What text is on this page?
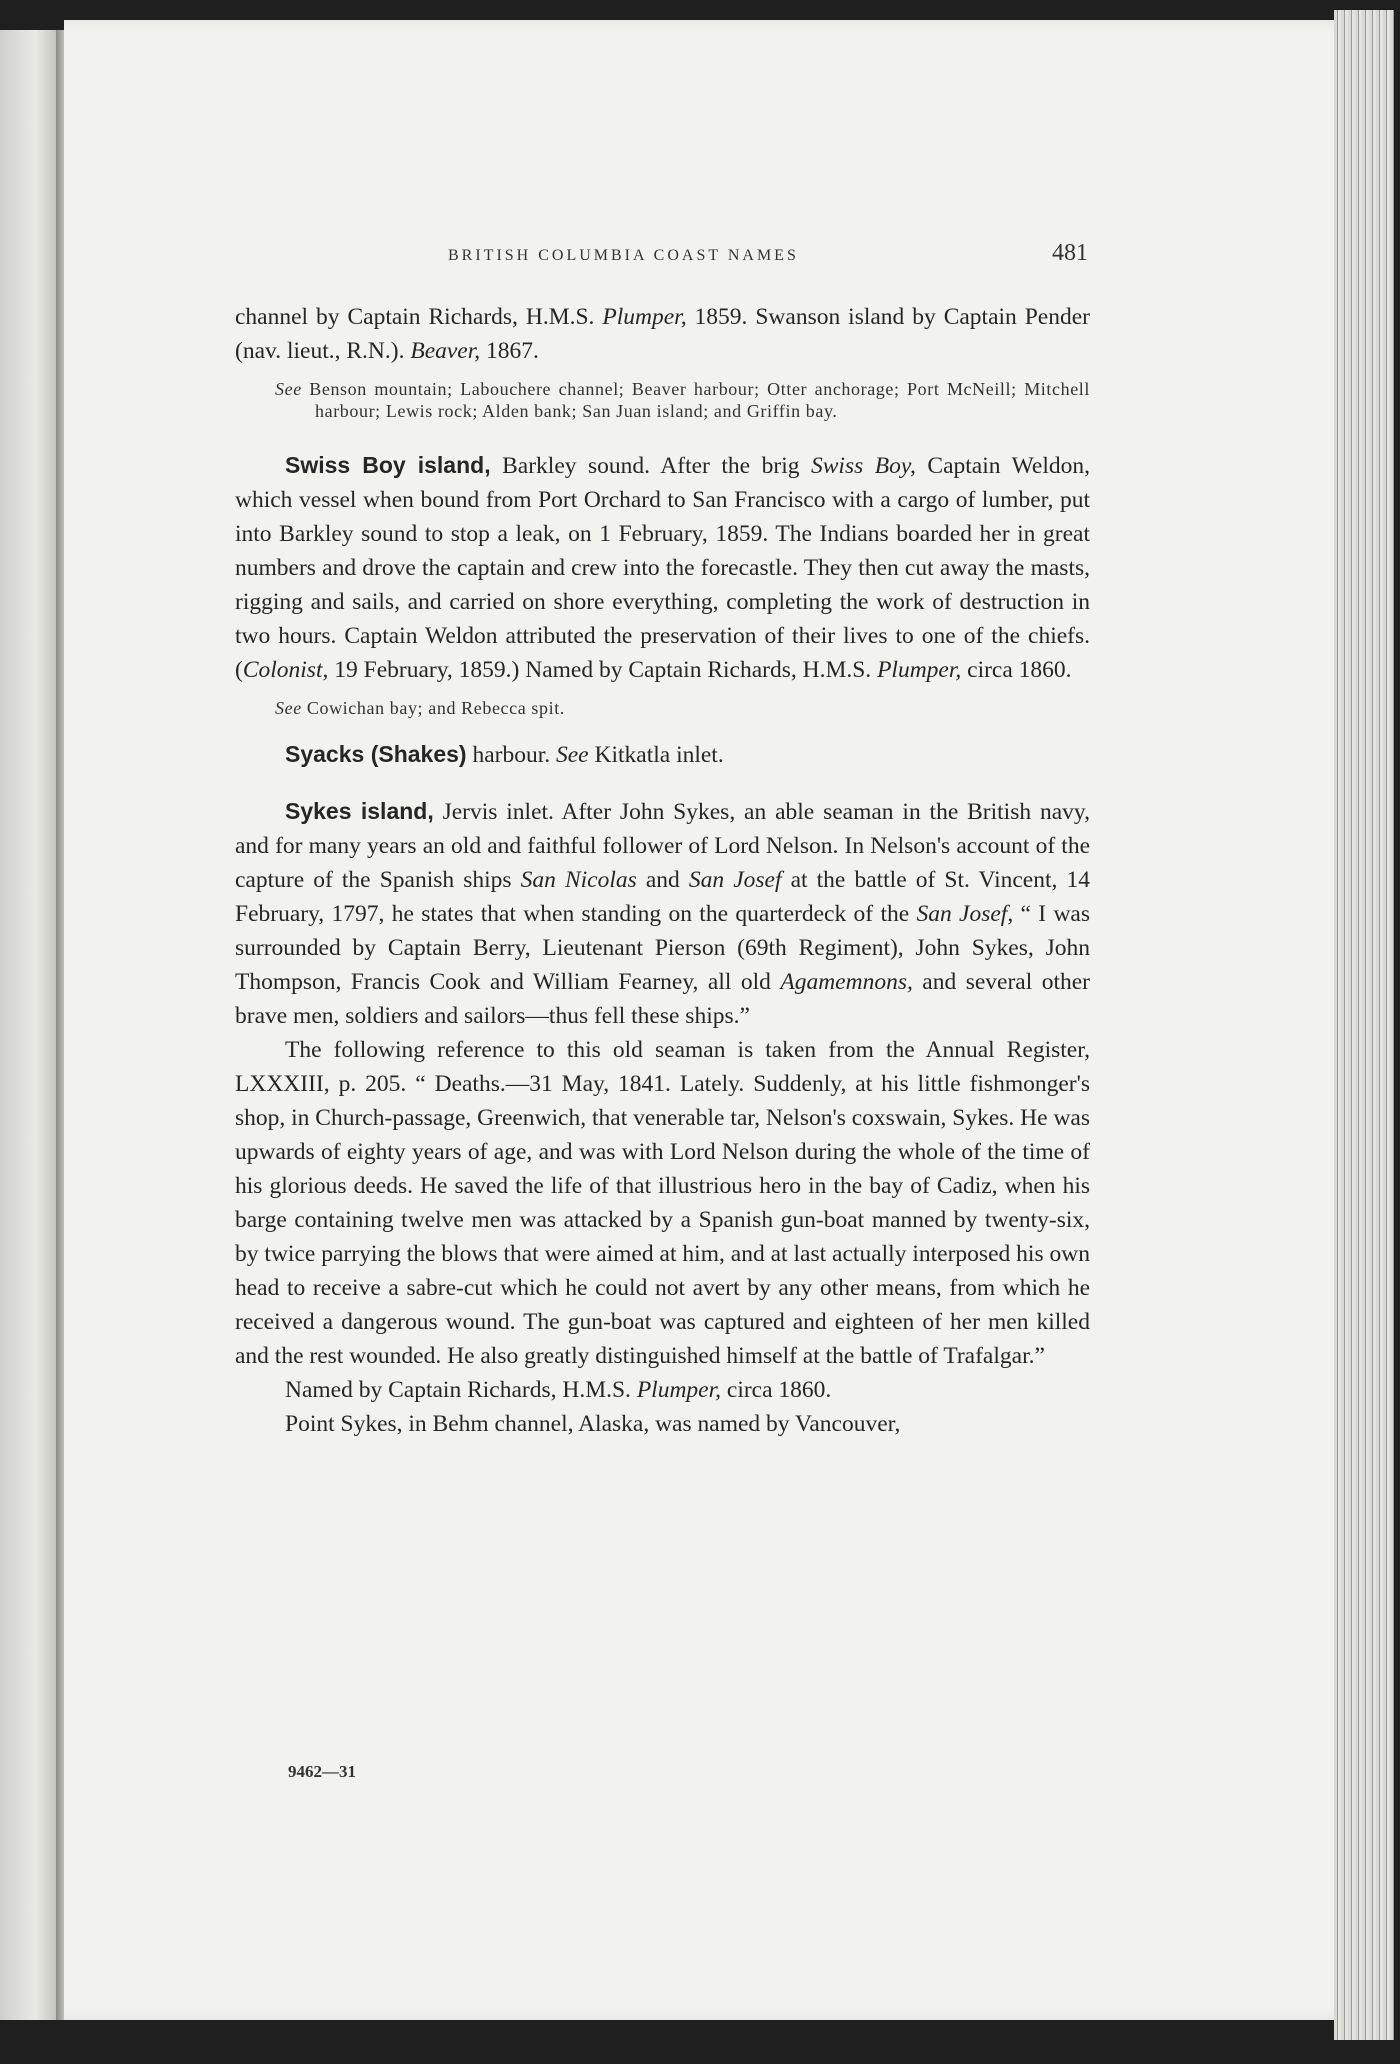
BRITISH COLUMBIA COAST NAMES	481

channel by Captain Richards, H.M.S. Plumper, 1859. Swanson island by Captain Pender (nav. lieut., R.N.). Beaver, 1867.

See Benson mountain; Labouchere channel; Beaver harbour; Otter anchorage; Port McNeill; Mitchell harbour; Lewis rock; Alden bank; San Juan island; and Griffin bay.

Swiss Boy island, Barkley sound. After the brig Swiss Boy, Captain Weldon, which vessel when bound from Port Orchard to San Francisco with a cargo of lumber, put into Barkley sound to stop a leak, on 1 February, 1859. The Indians boarded her in great numbers and drove the captain and crew into the forecastle. They then cut away the masts, rigging and sails, and carried on shore everything, completing the work of destruction in two hours. Captain Weldon attributed the preservation of their lives to one of the chiefs. (Colonist, 19 February, 1859.) Named by Captain Richards, H.M.S. Plumper, circa 1860.

See Cowichan bay; and Rebecca spit.

Syacks (Shakes) harbour. See Kitkatla inlet.

Sykes island, Jervis inlet. After John Sykes, an able seaman in the British navy, and for many years an old and faithful follower of Lord Nelson. In Nelson's account of the capture of the Spanish ships San Nicolas and San Josef at the battle of St. Vincent, 14 February, 1797, he states that when standing on the quarterdeck of the San Josef, “ I was surrounded by Captain Berry, Lieutenant Pierson (69th Regiment), John Sykes, John Thompson, Francis Cook and William Fearney, all old Agamemnons, and several other brave men, soldiers and sailors—thus fell these ships.”

The following reference to this old seaman is taken from the Annual Register, LXXXIII, p. 205. “ Deaths.—31 May, 1841. Lately. Suddenly, at his little fishmonger's shop, in Church-passage, Greenwich, that venerable tar, Nelson's coxswain, Sykes. He was upwards of eighty years of age, and was with Lord Nelson during the whole of the time of his glorious deeds. He saved the life of that illustrious hero in the bay of Cadiz, when his barge containing twelve men was attacked by a Spanish gun-boat manned by twenty-six, by twice parrying the blows that were aimed at him, and at last actually interposed his own head to receive a sabre-cut which he could not avert by any other means, from which he received a dangerous wound. The gun-boat was captured and eighteen of her men killed and the rest wounded. He also greatly distinguished himself at the battle of Trafalgar.”

Named by Captain Richards, H.M.S. Plumper, circa 1860.

Point Sykes, in Behm channel, Alaska, was named by Vancouver,

9462—31
